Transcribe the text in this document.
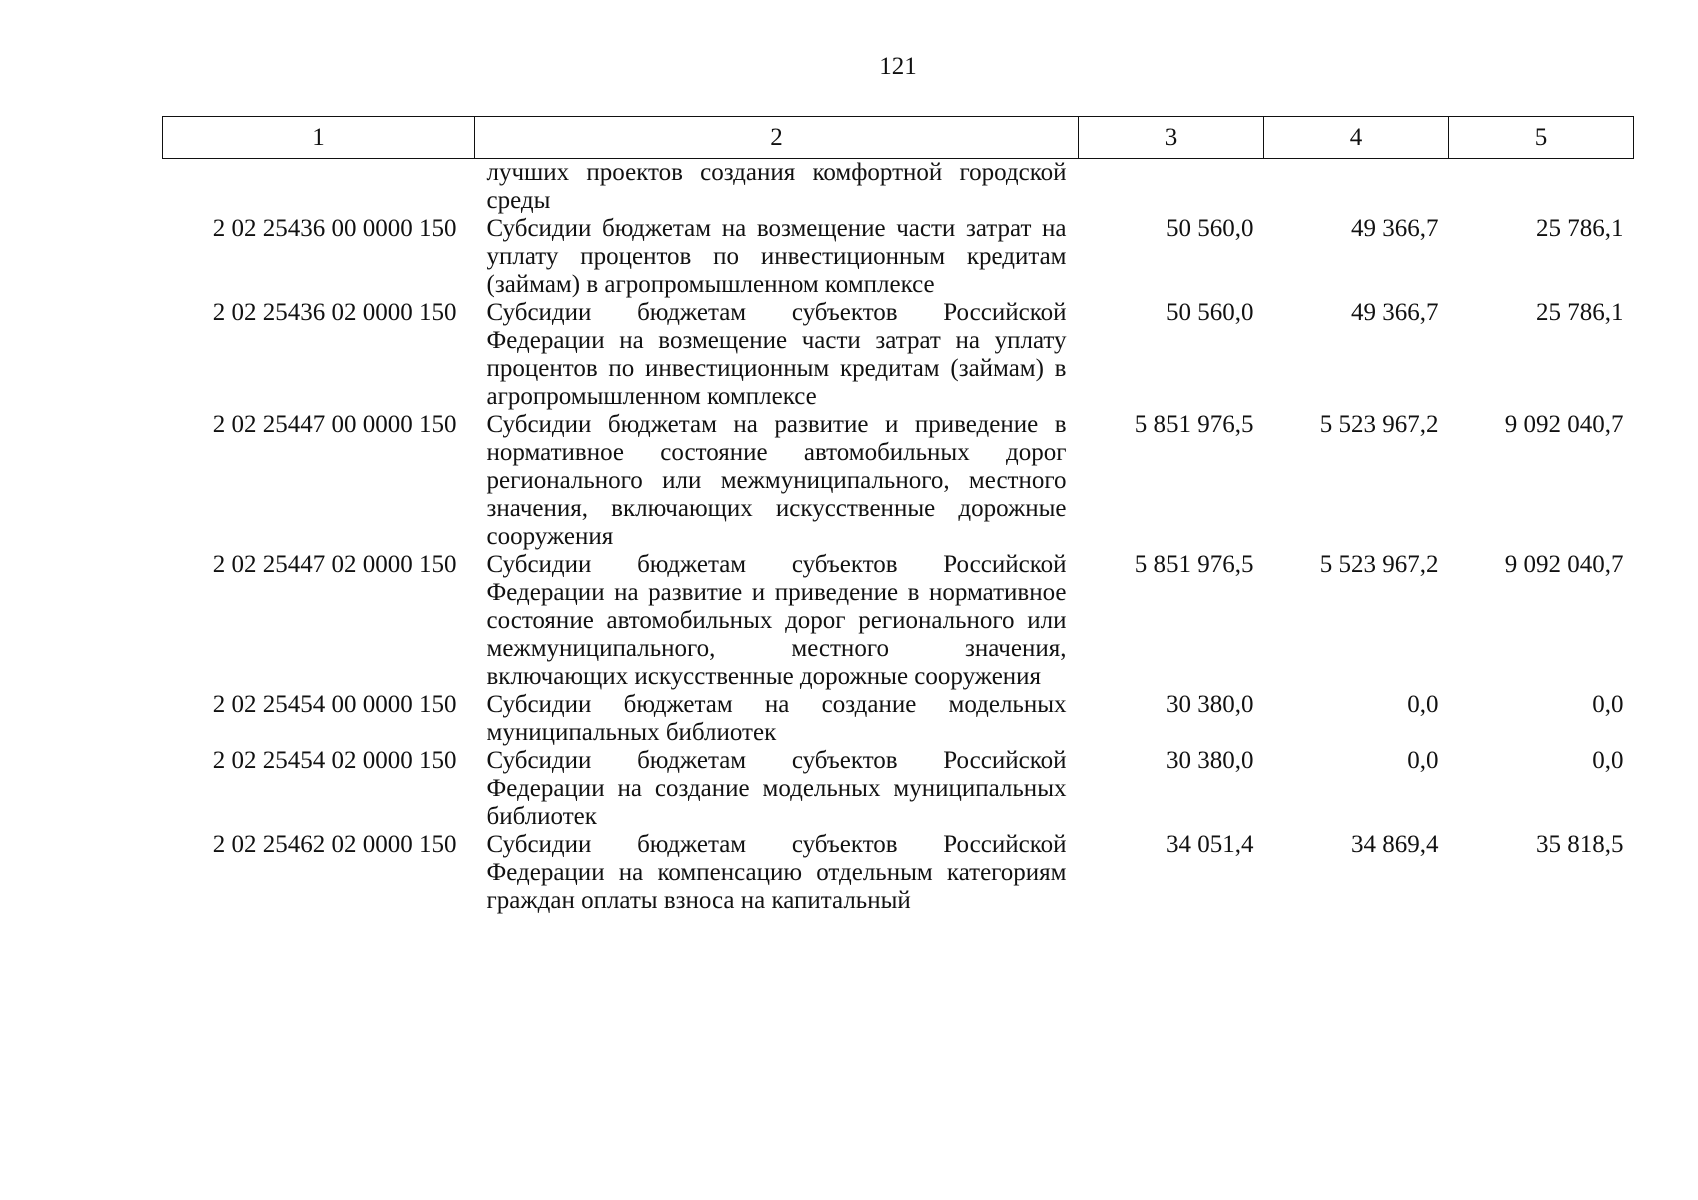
121
1	2	3	4	5
	лучших проектов создания комфортной городской среды			
2 02 25436 00 0000 150	Субсидии бюджетам на возмещение части затрат на уплату процентов по инвестиционным кредитам (займам) в агропромышленном комплексе	50 560,0	49 366,7	25 786,1
2 02 25436 02 0000 150	Субсидии бюджетам субъектов Российской Федерации на возмещение части затрат на уплату процентов по инвестиционным кредитам (займам) в агропромышленном комплексе	50 560,0	49 366,7	25 786,1
2 02 25447 00 0000 150	Субсидии бюджетам на развитие и приведение в нормативное состояние автомобильных дорог регионального или межмуниципального, местного значения, включающих искусственные дорожные сооружения	5 851 976,5	5 523 967,2	9 092 040,7
2 02 25447 02 0000 150	Субсидии бюджетам субъектов Российской Федерации на развитие и приведение в нормативное состояние автомобильных дорог регионального или межмуниципального, местного значения, включающих искусственные дорожные сооружения	5 851 976,5	5 523 967,2	9 092 040,7
2 02 25454 00 0000 150	Субсидии бюджетам на создание модельных муниципальных библиотек	30 380,0	0,0	0,0
2 02 25454 02 0000 150	Субсидии бюджетам субъектов Российской Федерации на создание модельных муниципальных библиотек	30 380,0	0,0	0,0
2 02 25462 02 0000 150	Субсидии бюджетам субъектов Российской Федерации на компенсацию отдельным категориям граждан оплаты взноса на капитальный	34 051,4	34 869,4	35 818,5
